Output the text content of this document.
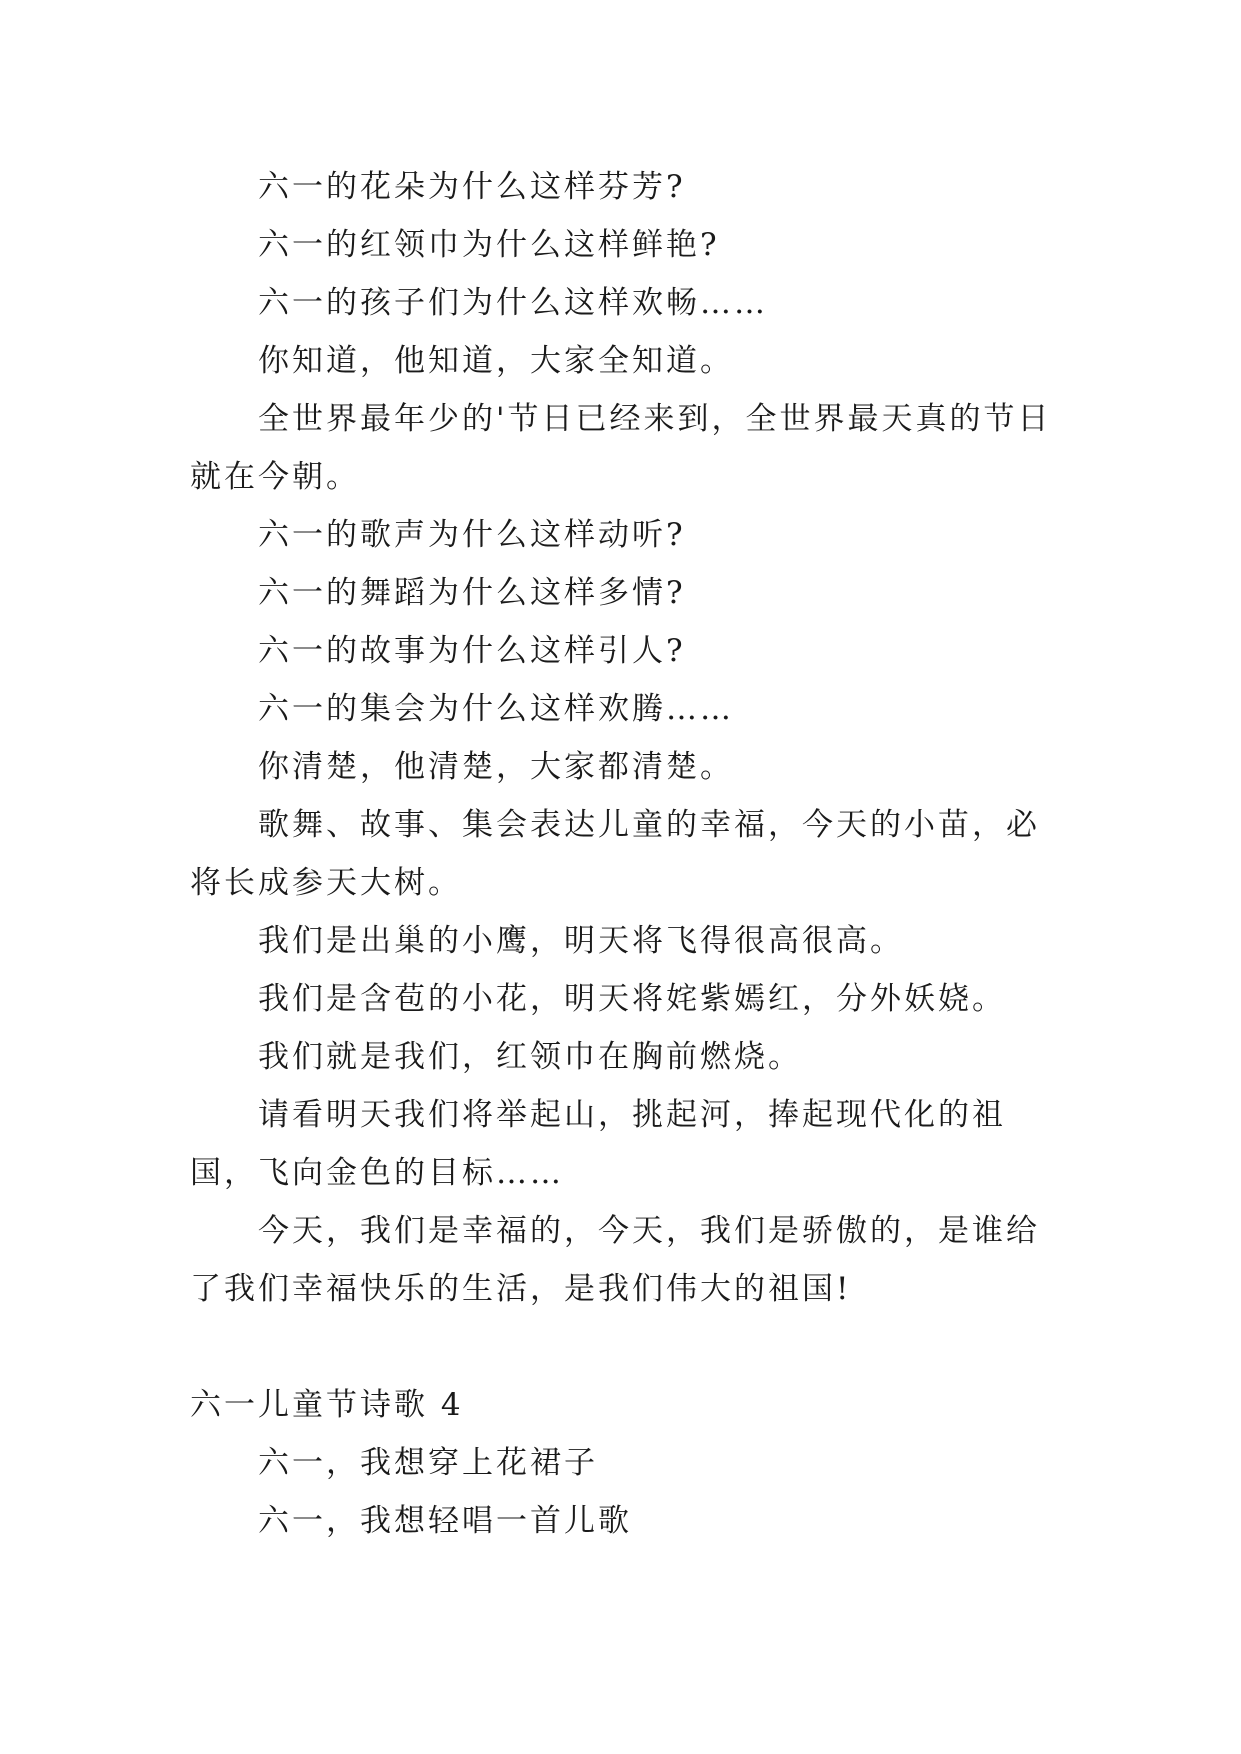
六一的花朵为什么这样芬芳?

六一的红领巾为什么这样鲜艳?

六一的孩子们为什么这样欢畅……

你知道，他知道，大家全知道。

全世界最年少的'节日已经来到，全世界最天真的节日就在今朝。

六一的歌声为什么这样动听?

六一的舞蹈为什么这样多情?

六一的故事为什么这样引人?

六一的集会为什么这样欢腾……

你清楚，他清楚，大家都清楚。

歌舞、故事、集会表达儿童的幸福，今天的小苗，必将长成参天大树。

我们是出巢的小鹰，明天将飞得很高很高。

我们是含苞的小花，明天将姹紫嫣红，分外妖娆。

我们就是我们，红领巾在胸前燃烧。

请看明天我们将举起山，挑起河，捧起现代化的祖国，飞向金色的目标……

今天，我们是幸福的，今天，我们是骄傲的，是谁给了我们幸福快乐的生活，是我们伟大的祖国!

六一儿童节诗歌 4

六一，我想穿上花裙子

六一，我想轻唱一首儿歌
